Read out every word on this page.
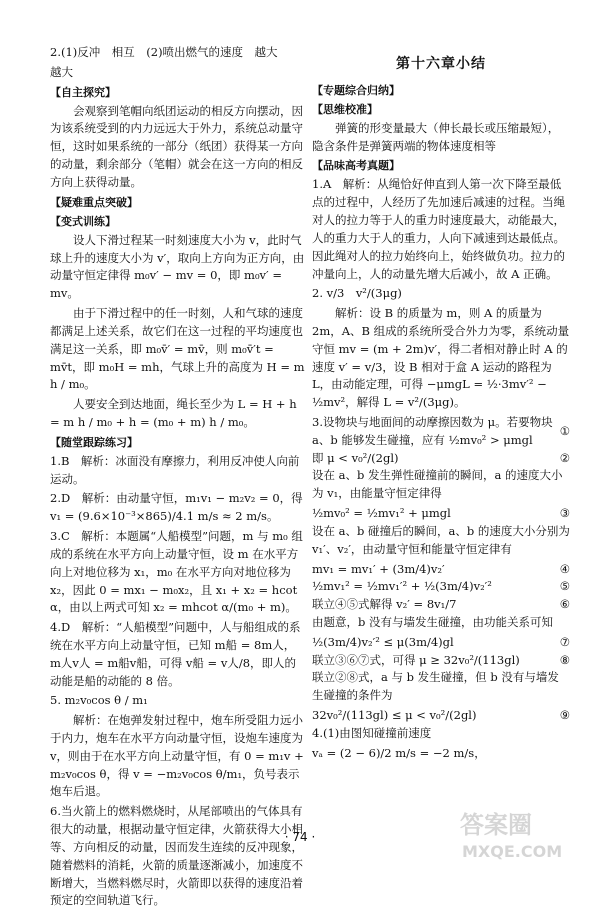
2.(1)反冲　相互　(2)喷出燃气的速度　越大

越大

【自主探究】

会观察到笔帽向纸团运动的相反方向摆动，因为该系统受到的内力远远大于外力，系统总动量守恒，这时如果系统的一部分（纸团）获得某一方向的动量，剩余部分（笔帽）就会在这一方向的相反方向上获得动量。

【疑难重点突破】

【变式训练】

设人下滑过程某一时刻速度大小为 v，此时气球上升的速度大小为 v′，取向上方向为正方向，由动量守恒定律得 m₀v′ − mv = 0，即 m₀v′ = mv。

由于下滑过程中的任一时刻，人和气球的速度都满足上述关系，故它们在这一过程的平均速度也满足这一关系，即 m₀v̄′ = mv̄，则 m₀v̄′t = mv̄t，即 m₀H = mh，气球上升的高度为 H = m h / m₀。

人要安全到达地面，绳长至少为 L = H + h = m h / m₀ + h = (m₀ + m) h / m₀。

【随堂跟踪练习】

1.B　解析：冰面没有摩擦力，利用反冲使人向前运动。

2.D　解析：由动量守恒，m₁v₁ − m₂v₂ = 0，得 v₁ = (9.6×10⁻³×865)/4.1 m/s ≈ 2 m/s。

3.C　解析：本题属“人船模型”问题，m 与 m₀ 组成的系统在水平方向上动量守恒，设 m 在水平方向上对地位移为 x₁，m₀ 在水平方向对地位移为 x₂，因此 0 = mx₁ − m₀x₂，且 x₁ + x₂ = hcot α，由以上两式可知 x₂ = mhcot α/(m₀ + m)。

4.D　解析：“人船模型”问题中，人与船组成的系统在水平方向上动量守恒，已知 m船 = 8m人，m人v人 = m船v船，可得 v船 = v人/8，即人的动能是船的动能的 8 倍。

5. m₂v₀cos θ / m₁

解析：在炮弹发射过程中，炮车所受阻力远小于内力，炮车在水平方向动量守恒，设炮车速度为 v，则由于在水平方向上动量守恒，有 0 = m₁v + m₂v₀cos θ，得 v = −m₂v₀cos θ/m₁，负号表示炮车后退。

6.当火箭上的燃料燃烧时，从尾部喷出的气体具有很大的动量，根据动量守恒定律，火箭获得大小相等、方向相反的动量，因而发生连续的反冲现象，随着燃料的消耗，火箭的质量逐渐减小，加速度不断增大，当燃料燃尽时，火箭即以获得的速度沿着预定的空间轨道飞行。

第十六章小结

【专题综合归纳】

【思维校准】

弹簧的形变量最大（伸长最长或压缩最短），隐含条件是弹簧两端的物体速度相等

【品味高考真题】

1.A　解析：从绳恰好伸直到人第一次下降至最低点的过程中，人经历了先加速后减速的过程。当绳对人的拉力等于人的重力时速度最大，动能最大，人的重力大于人的重力，人向下减速到达最低点。因此绳对人的拉力始终向上，始终做负功。拉力的冲量向上，人的动量先增大后减小，故 A 正确。

2. v/3　v²/(3μg)

解析：设 B 的质量为 m，则 A 的质量为 2m，A、B 组成的系统所受合外力为零，系统动量守恒 mv = (m + 2m)v′，得二者相对静止时 A 的速度 v′ = v/3，设 B 相对于盒 A 运动的路程为 L，由动能定理，可得 −μmgL = ½·3mv′² − ½mv²，解得 L = v²/(3μg)。

3.设物块与地面间的动摩擦因数为 μ。若要物块 a、b 能够发生碰撞，应有 ½mv₀² > μmgl
①
即 μ < v₀²/(2gl)	②

设在 a、b 发生弹性碰撞前的瞬间，a 的速度大小为 v₁，由能量守恒定律得

½mv₀² = ½mv₁² + μmgl	③

设在 a、b 碰撞后的瞬间，a、b 的速度大小分别为 v₁′、v₂′，由动量守恒和能量守恒定律有

mv₁ = mv₁′ + (3m/4)v₂′	④
½mv₁² = ½mv₁′² + ½(3m/4)v₂′²	⑤
联立④⑤式解得 v₂′ = 8v₁/7	⑥

由题意，b 没有与墙发生碰撞，由功能关系可知

½(3m/4)v₂′² ≤ μ(3m/4)gl	⑦
联立③⑥⑦式，可得 μ ≥ 32v₀²/(113gl)	⑧

联立②⑧式，a 与 b 发生碰撞，但 b 没有与墙发生碰撞的条件为

32v₀²/(113gl) ≤ μ < v₀²/(2gl)	⑨

4.(1)由图知碰撞前速度

vₐ = (2 − 6)/2 m/s = −2 m/s，

· 74 ·	答案圈
MXQE.COM
